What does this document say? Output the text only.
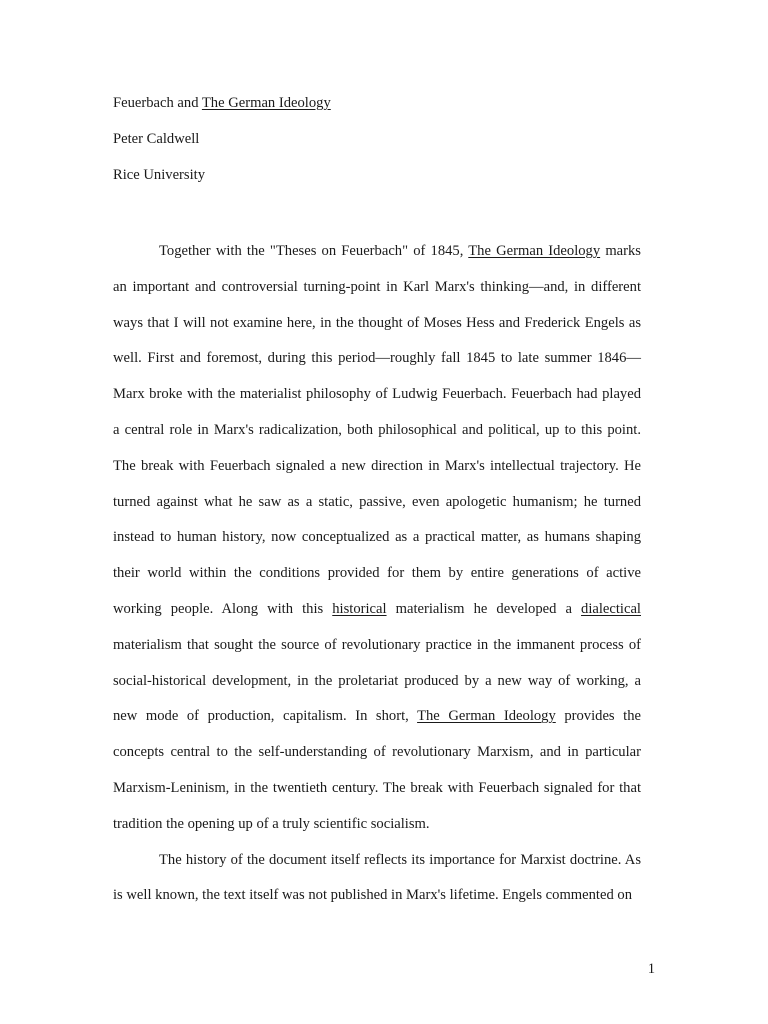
Feuerbach and The German Ideology
Peter Caldwell
Rice University

Together with the "Theses on Feuerbach" of 1845, The German Ideology marks an important and controversial turning-point in Karl Marx's thinking—and, in different ways that I will not examine here, in the thought of Moses Hess and Frederick Engels as well. First and foremost, during this period—roughly fall 1845 to late summer 1846—Marx broke with the materialist philosophy of Ludwig Feuerbach. Feuerbach had played a central role in Marx's radicalization, both philosophical and political, up to this point. The break with Feuerbach signaled a new direction in Marx's intellectual trajectory. He turned against what he saw as a static, passive, even apologetic humanism; he turned instead to human history, now conceptualized as a practical matter, as humans shaping their world within the conditions provided for them by entire generations of active working people. Along with this historical materialism he developed a dialectical materialism that sought the source of revolutionary practice in the immanent process of social-historical development, in the proletariat produced by a new way of working, a new mode of production, capitalism. In short, The German Ideology provides the concepts central to the self-understanding of revolutionary Marxism, and in particular Marxism-Leninism, in the twentieth century. The break with Feuerbach signaled for that tradition the opening up of a truly scientific socialism.

The history of the document itself reflects its importance for Marxist doctrine. As is well known, the text itself was not published in Marx's lifetime. Engels commented on

1
